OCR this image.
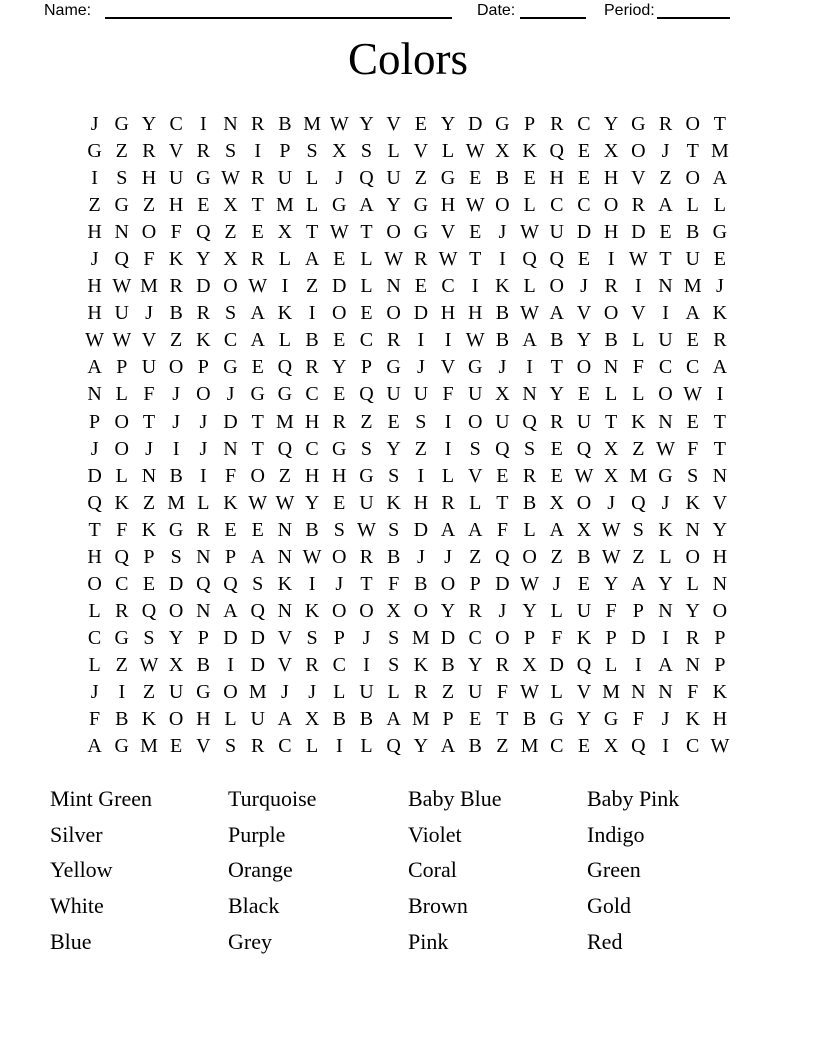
Name:	Date:	Period:
Colors
J G Y C I N R B M W Y V E Y D G P R C Y G R O T
G Z R V R S I P S X S L V L W X K Q E X O J T M
I S H U G W R U L J Q U Z G E B E H E H V Z O A
Z G Z H E X T M L G A Y G H W O L C C O R A L L
H N O F Q Z E X T W T O G V E J W U D H D E B G
J Q F K Y X R L A E L W R W T I Q Q E I W T U E
H W M R D O W I Z D L N E C I K L O J R I N M J
H U J B R S A K I O E O D H H B W A V O V I A K
W W V Z K C A L B E C R I	I W B A B Y B L U E R
A P U O P G E Q R Y P G J V G J I T O N F C C A
N L F J O J G G C E Q U U F U X N Y E L L O W I
P O T J J D T M H R Z E S I O U Q R U T K N E T
J O J I J N T Q C G S Y Z I S Q S E Q X Z W F T
D L N B I F O Z H H G S I L V E R E W X M G S N
Q K Z M L K W W Y E U K H R L T B X O J Q J K V
T F K G R E E N B S W S D A A F L A X W S K N Y
H Q P S N P A N W O R B J J Z Q O Z B W Z L O H
O C E D Q Q S K I J T F B O P D W J E Y A Y L N
L R Q O N A Q N K O O X O Y R J Y L U F P N Y O
C G S Y P D D V S P J S M D C O P F K P D I R P
L Z W X B I D V R C I S K B Y R X D Q L I A N P
J I Z U G O M J J L U L R Z U F W L V M N N F K
F B K O H L U A X B B A M P E T B G Y G F J K H
A G M E V S R C L I L Q Y A B Z M C E X Q I C W
Mint Green
Silver
Yellow
White
Blue
Turquoise
Purple
Orange
Black
Grey
Baby Blue
Violet
Coral
Brown
Pink
Baby Pink
Indigo
Green
Gold
Red
